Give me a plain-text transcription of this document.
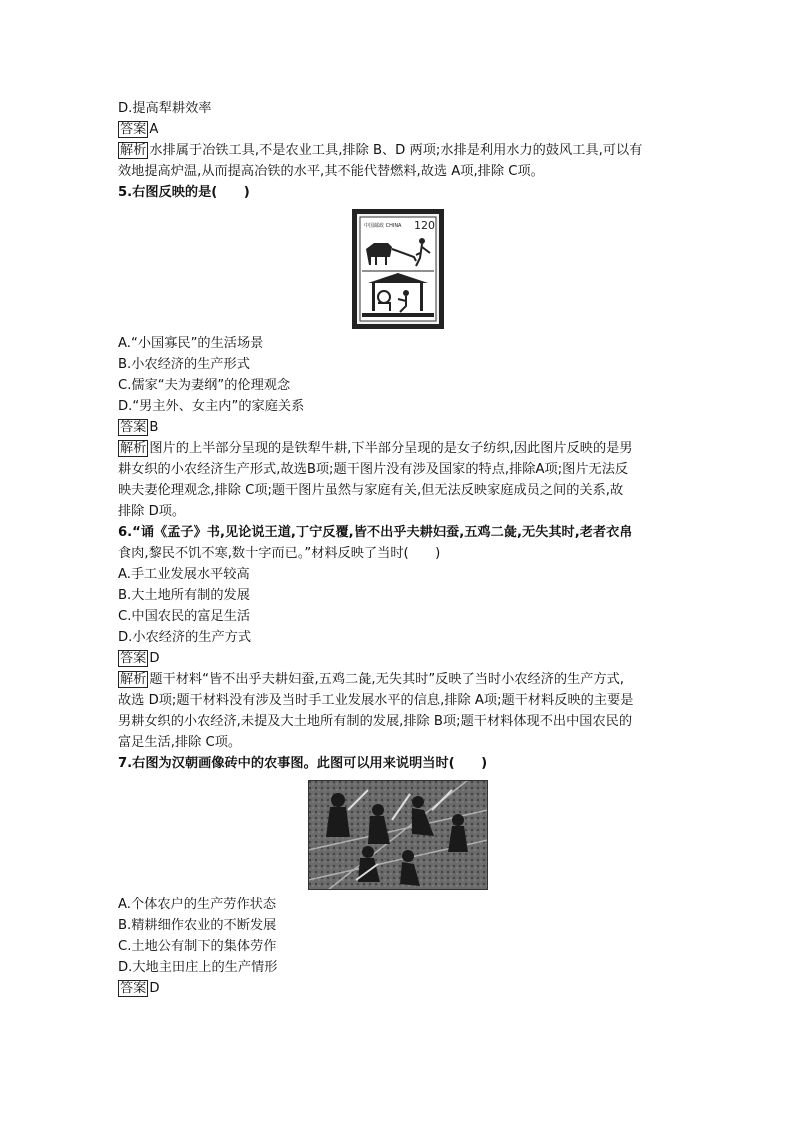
D.提高犁耕效率
答案 A
解析 水排属于冶铁工具,不是农业工具,排除 B、D 两项;水排是利用水力的鼓风工具,可以有
效地提高炉温,从而提高冶铁的水平,其不能代替燃料,故选 A项,排除 C项。
5.右图反映的是(　　)
中国邮政 CHINA 120
A.“小国寡民”的生活场景
B.小农经济的生产形式
C.儒家“夫为妻纲”的伦理观念
D.“男主外、女主内”的家庭关系
答案 B
解析 图片的上半部分呈现的是铁犁牛耕,下半部分呈现的是女子纺织,因此图片反映的是男
耕女织的小农经济生产形式,故选B项;题干图片没有涉及国家的特点,排除A项;图片无法反
映夫妻伦理观念,排除 C项;题干图片虽然与家庭有关,但无法反映家庭成员之间的关系,故
排除 D项。
6.“诵《孟子》书,见论说王道,丁宁反覆,皆不出乎夫耕妇蚕,五鸡二彘,无失其时,老者衣帛
食肉,黎民不饥不寒,数十字而已。”材料反映了当时(　　)
A.手工业发展水平较高
B.大土地所有制的发展
C.中国农民的富足生活
D.小农经济的生产方式
答案 D
解析 题干材料“皆不出乎夫耕妇蚕,五鸡二彘,无失其时”反映了当时小农经济的生产方式,
故选 D项;题干材料没有涉及当时手工业发展水平的信息,排除 A项;题干材料反映的主要是
男耕女织的小农经济,未提及大土地所有制的发展,排除 B项;题干材料体现不出中国农民的
富足生活,排除 C项。
7.右图为汉朝画像砖中的农事图。此图可以用来说明当时(　　)
A.个体农户的生产劳作状态
B.精耕细作农业的不断发展
C.土地公有制下的集体劳作
D.大地主田庄上的生产情形
答案 D
